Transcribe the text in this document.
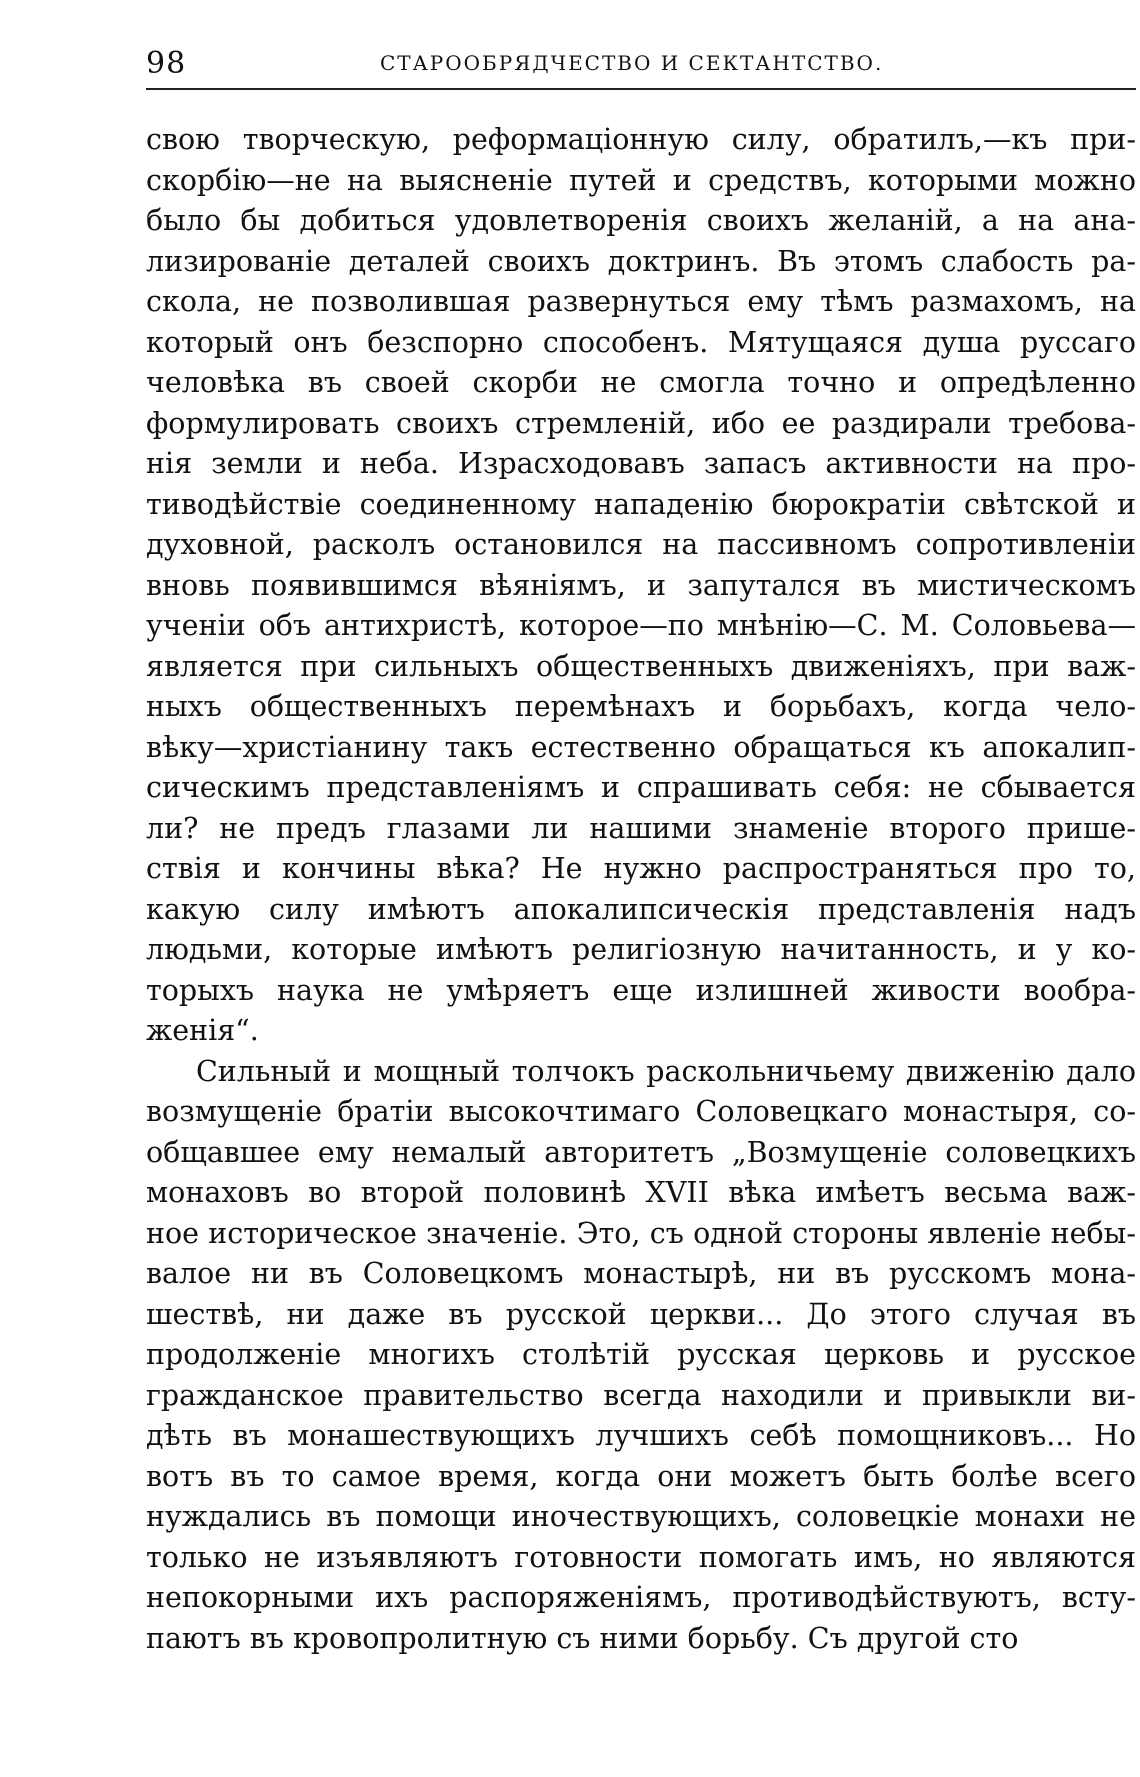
98	СТАРООБРЯДЧЕСТВО И СЕКТАНТСТВО.
свою творческую, реформаціонную силу, обратилъ,—къ при-
скорбію—не на выясненіе путей и средствъ, которыми можно
было бы добиться удовлетворенія своихъ желаній, а на ана-
лизированіе деталей своихъ доктринъ. Въ этомъ слабость ра-
скола, не позволившая развернуться ему тѣмъ размахомъ, на
который онъ безспорно способенъ. Мятущаяся душа руссаго
человѣка въ своей скорби не смогла точно и опредѣленно
формулировать своихъ стремленій, ибо ее раздирали требова-
нія земли и неба. Израсходовавъ запасъ активности на про-
тиводѣйствіе соединенному нападенію бюрократіи свѣтской и
духовной, расколъ остановился на пассивномъ сопротивленіи
вновь появившимся вѣяніямъ, и запутался въ мистическомъ
ученіи объ антихристѣ, которое—по мнѣнію—С. М. Соловьева—
является при сильныхъ общественныхъ движеніяхъ, при важ-
ныхъ общественныхъ перемѣнахъ и борьбахъ, когда чело-
вѣку—христіанину такъ естественно обращаться къ апокалип-
сическимъ представленіямъ и спрашивать себя: не сбывается
ли? не предъ глазами ли нашими знаменіе второго прише-
ствія и кончины вѣка? Не нужно распространяться про то,
какую силу имѣютъ апокалипсическія представленія надъ
людьми, которые имѣютъ религіозную начитанность, и у ко-
торыхъ наука не умѣряетъ еще излишней живости вообра-
женія“.
Сильный и мощный толчокъ раскольничьему движенію дало
возмущеніе братіи высокочтимаго Соловецкаго монастыря, со-
общавшее ему немалый авторитетъ „Возмущеніе соловецкихъ
монаховъ во второй половинѣ XVII вѣка имѣетъ весьма важ-
ное историческое значеніе. Это, съ одной стороны явленіе небы-
валое ни въ Соловецкомъ монастырѣ, ни въ русскомъ мона-
шествѣ, ни даже въ русской церкви... До этого случая въ
продолженіе многихъ столѣтій русская церковь и русское
гражданское правительство всегда находили и привыкли ви-
дѣть въ монашествующихъ лучшихъ себѣ помощниковъ... Но
вотъ въ то самое время, когда они можетъ быть болѣе всего
нуждались въ помощи иночествующихъ, соловецкіе монахи не
только не изъявляютъ готовности помогать имъ, но являются
непокорными ихъ распоряженіямъ, противодѣйствуютъ, всту-
паютъ въ кровопролитную съ ними борьбу. Съ другой сто
